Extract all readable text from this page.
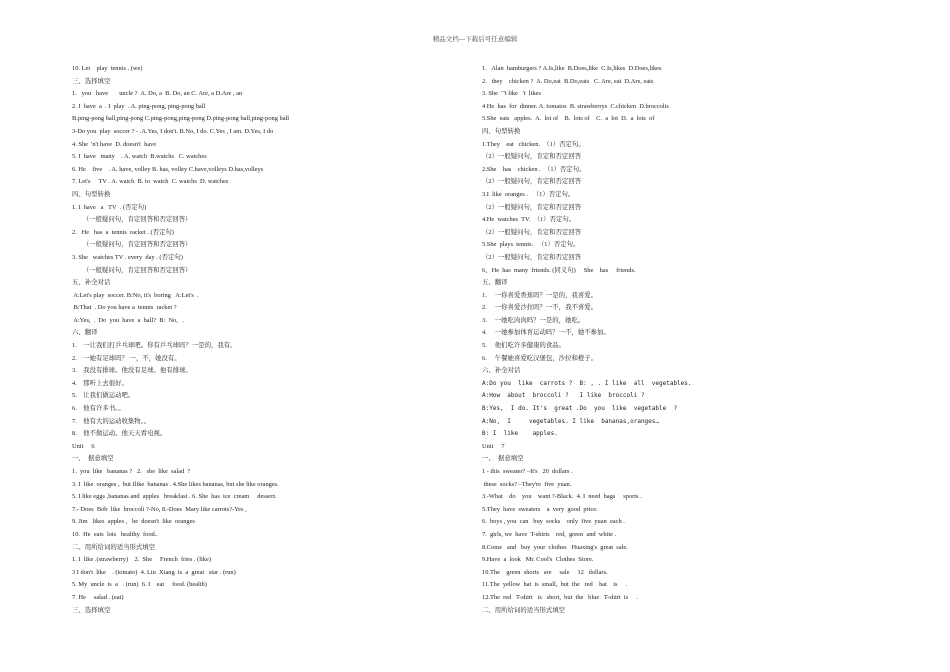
精品文档---下载后可任意编辑
10. Let    play  tennis . (we)
三、选择填空
1.   you   have       uncle ?  A. Do, a  B. Do, an C. Are, a D.Are , an
2. I  have  a  . I  play  . A. ping-pong, ping-pong ball
B.ping-pong ball,ping-pong C.ping-pong,ping-pong D.ping-pong ball,ping-pong ball
3-Do you  play  soccer ? - .A.Yes, I don't. B.No, I do. C.Yes , I am. D.Yes, I do
4. She  'n't have  D. doesn't  have
5. I  have   many    . A. watch  B.watchs   C. watches
6. He    five    . A. have, volley B. has, volley C.have,volleys D.has,volleys
7. Let's     TV . A. watch  B. to  watch  C. watchs  D. watches
四、句型转换
1. I  have   a   TV  . (否定句)
（一般疑问句，肯定回答和否定回答）
2.   He   has  a  tennis  racket . (否定句)
（一般疑问句，肯定回答和否定回答）
3. She   watches TV . every  day . (否定句)
（一般疑问句，肯定回答和否定回答）
五、补全对话
A:Let's play  soccer. B:No, it's  boring   A:Let's  .
B:That  . Do you have a  tennis  racket ?
A:Yes,  .  Do  you  have  a  ball?  B:  No,   .
六、翻译
1.    一让我们打乒乓球吧。你有乒乓球吗？一是的，我有。
2.    一她有足球吗？ 一，不，她没有。
3.    我没有排球。他没有足球。他有排球。
4.    那听上去很好。
5.    让我们做运动吧。
6.    他有许多书。。
7.    他有大的运动收集物。。
8.    他不做运动。他天天看电视。
Unit     6
一、  据意填空
1.  you  like   bananas ?   2.   she  like  salad  ?
3. I  like  oranges ,  but Ilike  bananas . 4.She likes bananas, but she like oranges.
5. I like eggs ,bananas and  apples   breakfast . 6. She  has  ice  cream     dessert.
7.- Does  Bob  like  broccoli ?-No, 8.-Does  Mary like carrots?-Yes ,
9. Jim   likes  apples ,   he  doesn't  like  oranges
10.  He  eats  lots   healthy  food..
二、用所给词的适当形式填空
1. I  like .(strawberry)    2.  She     French  fries . (like)
3 I don't  like    . (tomato)  4. Liu  Xiang  is  a  great   star . (run)
5. My  uncle  is  a   . (run)  6. I    eat     food. (health)
7. He     salad . (eat)
三、选择填空
1.   Alan  hamburgers ? A.Is,like  B.Does,like  C.Is,likes  D.Does,likes
2.   they    chicken ?  A. Do,eat  B.Do,eats   C. Are, eat  D.Are, eats
3. She  '"t like   't  likes
4 He  has  for  dinner. A. tomatos  B. strawberrys  C.chicken  D.broccolis
5.She  eats   apples.  A.  lot of    B.  lots of    C.  a  lot  D.  a  lots  of
四、句型转换
1.They    eat   chicken.  （1）否定句。
（2）一般疑问句，肯定和否定回答
2.She    has    chicken .  （1）否定句。
（2）一般疑问句，肯定和否定回答
3.I  like  oranges .   （1）否定句。
（2）一般疑问句，肯定和否定回答
4.He  watches  TV.  （1）否定句。
（2）一般疑问句，肯定和否定回答
5.She  plays  tennis.   （1）否定句。
（2）一般疑问句，肯定和否定回答
6、He  has  many  friends. (同义句)     She    has     friends.
五、翻译
1.     一你喜爱香蕉吗？一是的，我喜爱。
2.     一你喜爱沙拉吗？一不，我不喜爱。
3.     一她吃肉肉吗？一是的，她吃。
4.     一她参加体育运动吗？一不，她不参加。
5.     他们吃许多健康的食品。
6.     午餐她喜爱吃汉堡包，沙拉和橙子。
六、补全对话
A:Do you  like  carrots ?  B: , . I like  all  vegetables.
A:How  about  broccoli ?   I like  broccoli ?
B:Yes,  I do. It's  great .Do  you  like  vegetable  ?
A:No,  I     vegetables. I like  bananas,oranges…
B: I  like    apples.
Unit     7
一、  据意填空
1 - this  sweater? –It's   20  dollars .
these  socks? –They're  five  yuan.
3.-What    do    you    want ?-Black.  4. I  need  bags     sports .
5.They  have  sweaters    a  very  good  price.
6.  boys , you  can   buy  socks    only  five  yuan  each .
7.  girls, we  have  T-shirts    red,  green  and  white .
8.Come   and   buy  your  clothes   Huaxing's  great  sale.
9.Have  a  look   Mr. Cool's  Clothes  Store.
10.The    green  shorts   are     sale     12   dollars.
11.The  yellow  hat  is  small,  but  the   red    hat    is     .
12.The  red   T-shirt   is   short,  but  the   blue   T-shirt  is     .
二、用所给词的适当形式填空
